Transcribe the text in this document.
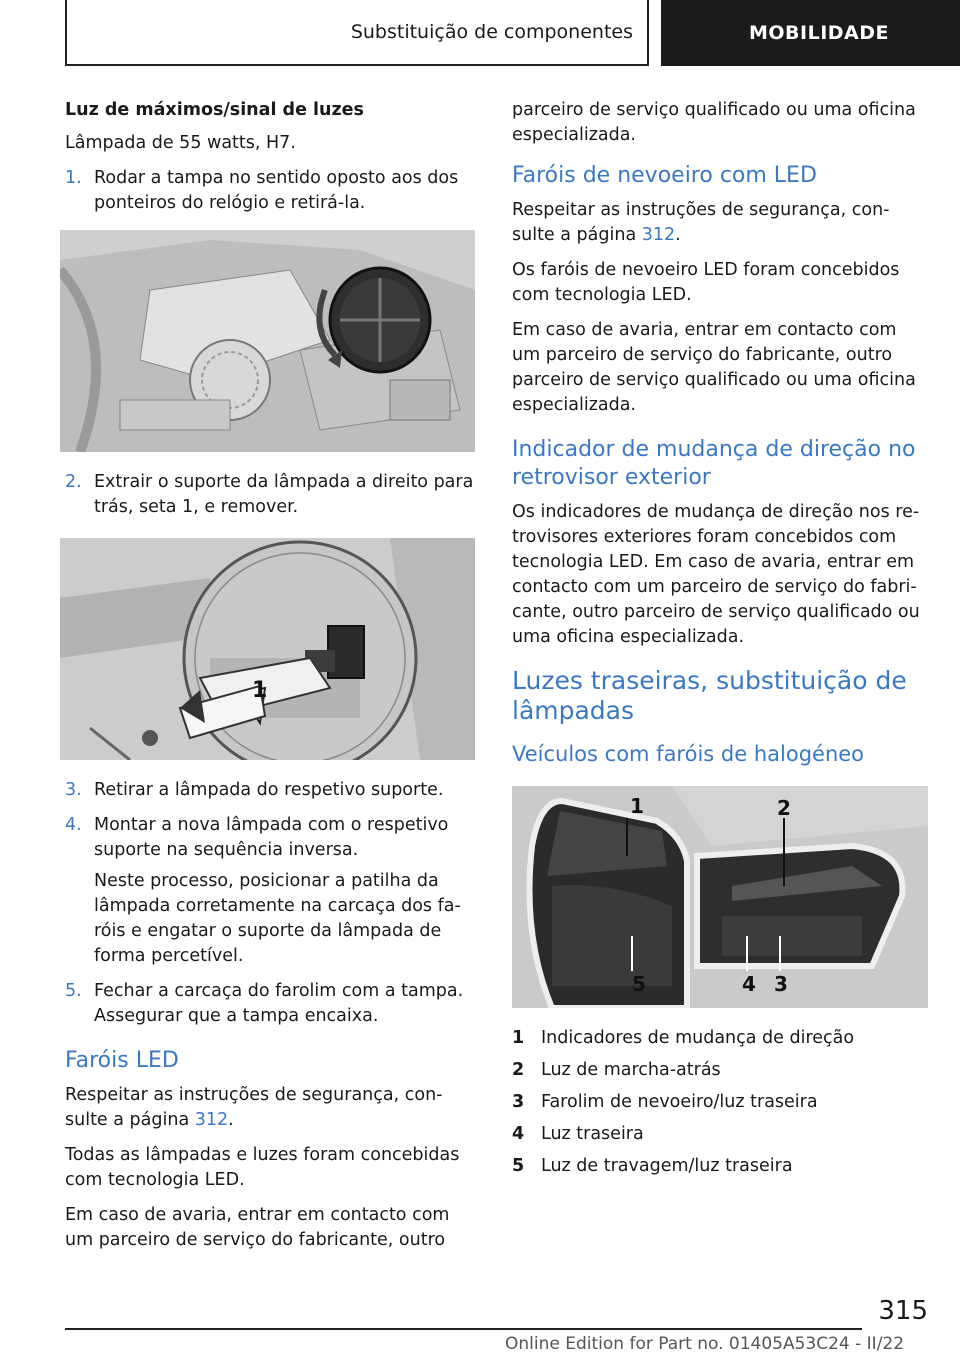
Substituição de componentes	MOBILIDADE
Luz de máximos/sinal de luzes

Lâmpada de 55 watts, H7.

1. Rodar a tampa no sentido oposto aos dos ponteiros do relógio e retirá-la.
2. Extrair o suporte da lâmpada a direito para trás, seta 1, e remover.
1
3. Retirar a lâmpada do respetivo suporte.
4. Montar a nova lâmpada com o respetivo suporte na sequência inversa.
Neste processo, posicionar a patilha da lâmpada corretamente na carcaça dos fa-róis e engatar o suporte da lâmpada de forma percetível.
5. Fechar a carcaça do farolim com a tampa. Assegurar que a tampa encaixa.
Faróis LED

Respeitar as instruções de segurança, con-sulte a página 312.

Todas as lâmpadas e luzes foram concebidas com tecnologia LED.

Em caso de avaria, entrar em contacto com um parceiro de serviço do fabricante, outro

parceiro de serviço qualificado ou uma oficina especializada.

Faróis de nevoeiro com LED

Respeitar as instruções de segurança, con-sulte a página 312.

Os faróis de nevoeiro LED foram concebidos com tecnologia LED.

Em caso de avaria, entrar em contacto com um parceiro de serviço do fabricante, outro parceiro de serviço qualificado ou uma oficina especializada.

Indicador de mudança de direção no retrovisor exterior

Os indicadores de mudança de direção nos re-trovisores exteriores foram concebidos com tecnologia LED. Em caso de avaria, entrar em contacto com um parceiro de serviço do fabri-cante, outro parceiro de serviço qualificado ou uma oficina especializada.

Luzes traseiras, substituição de lâmpadas
Veículos com faróis de halogéneo
1	2
5	4 3
1 Indicadores de mudança de direção
2 Luz de marcha-atrás
3 Farolim de nevoeiro/luz traseira
4 Luz traseira
5 Luz de travagem/luz traseira
315
Online Edition for Part no. 01405A53C24 - II/22
